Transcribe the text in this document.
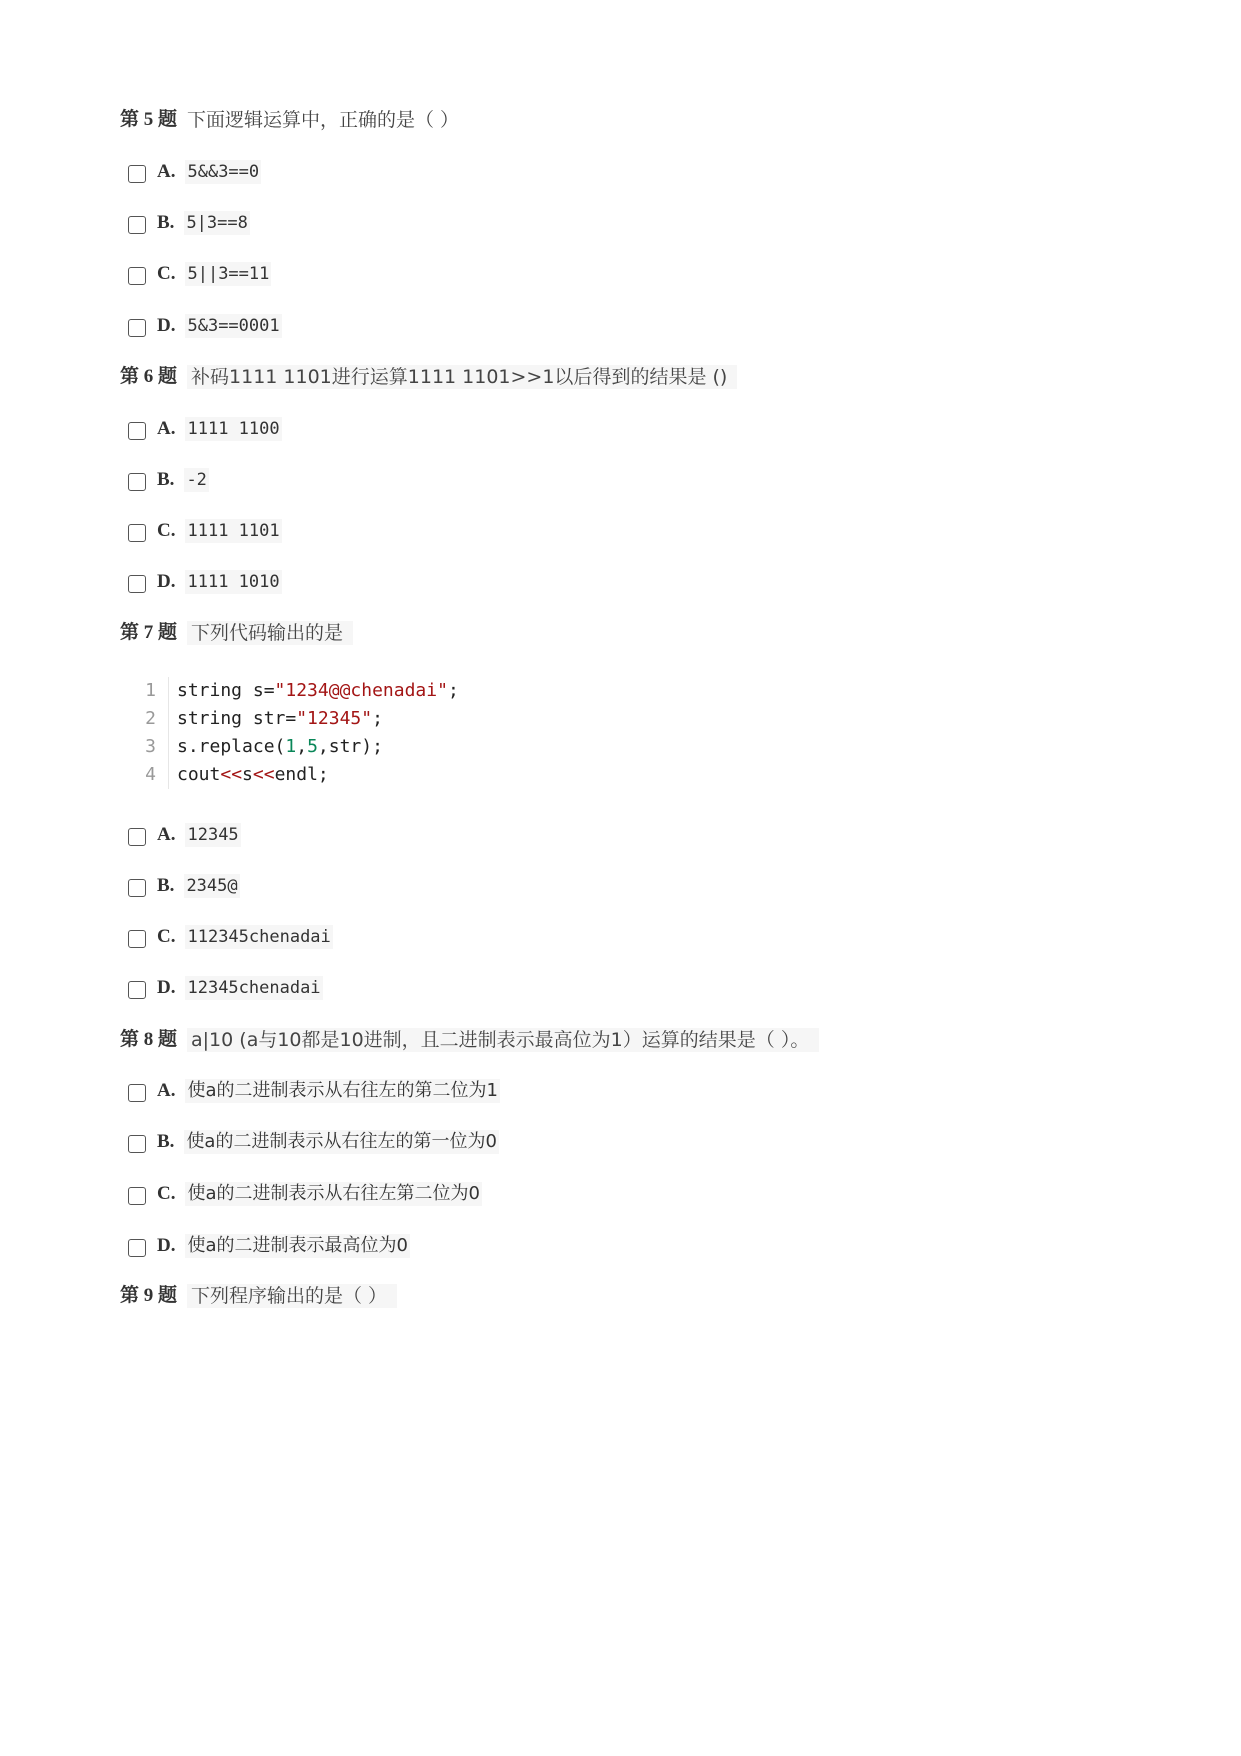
第 5 题 下面逻辑运算中，正确的是（ ）
A. 5&&3==0
B. 5|3==8
C. 5||3==11
D. 5&3==0001
第 6 题 补码1111 1101进行运算1111 1101>>1以后得到的结果是 ()
A. 1111 1100
B. -2
C. 1111 1101
D. 1111 1010
第 7 题 下列代码输出的是
1	string s="1234@@chenadai";
2	string str="12345";
3	s.replace(1,5,str);
4	cout<<s<<endl;
A. 12345
B. 2345@
C. 112345chenadai
D. 12345chenadai
第 8 题 a|10 (a与10都是10进制，且二进制表示最高位为1）运算的结果是（ ）。
A. 使a的二进制表示从右往左的第二位为1
B. 使a的二进制表示从右往左的第一位为0
C. 使a的二进制表示从右往左第二位为0
D. 使a的二进制表示最高位为0
第 9 题 下列程序输出的是（ ）
